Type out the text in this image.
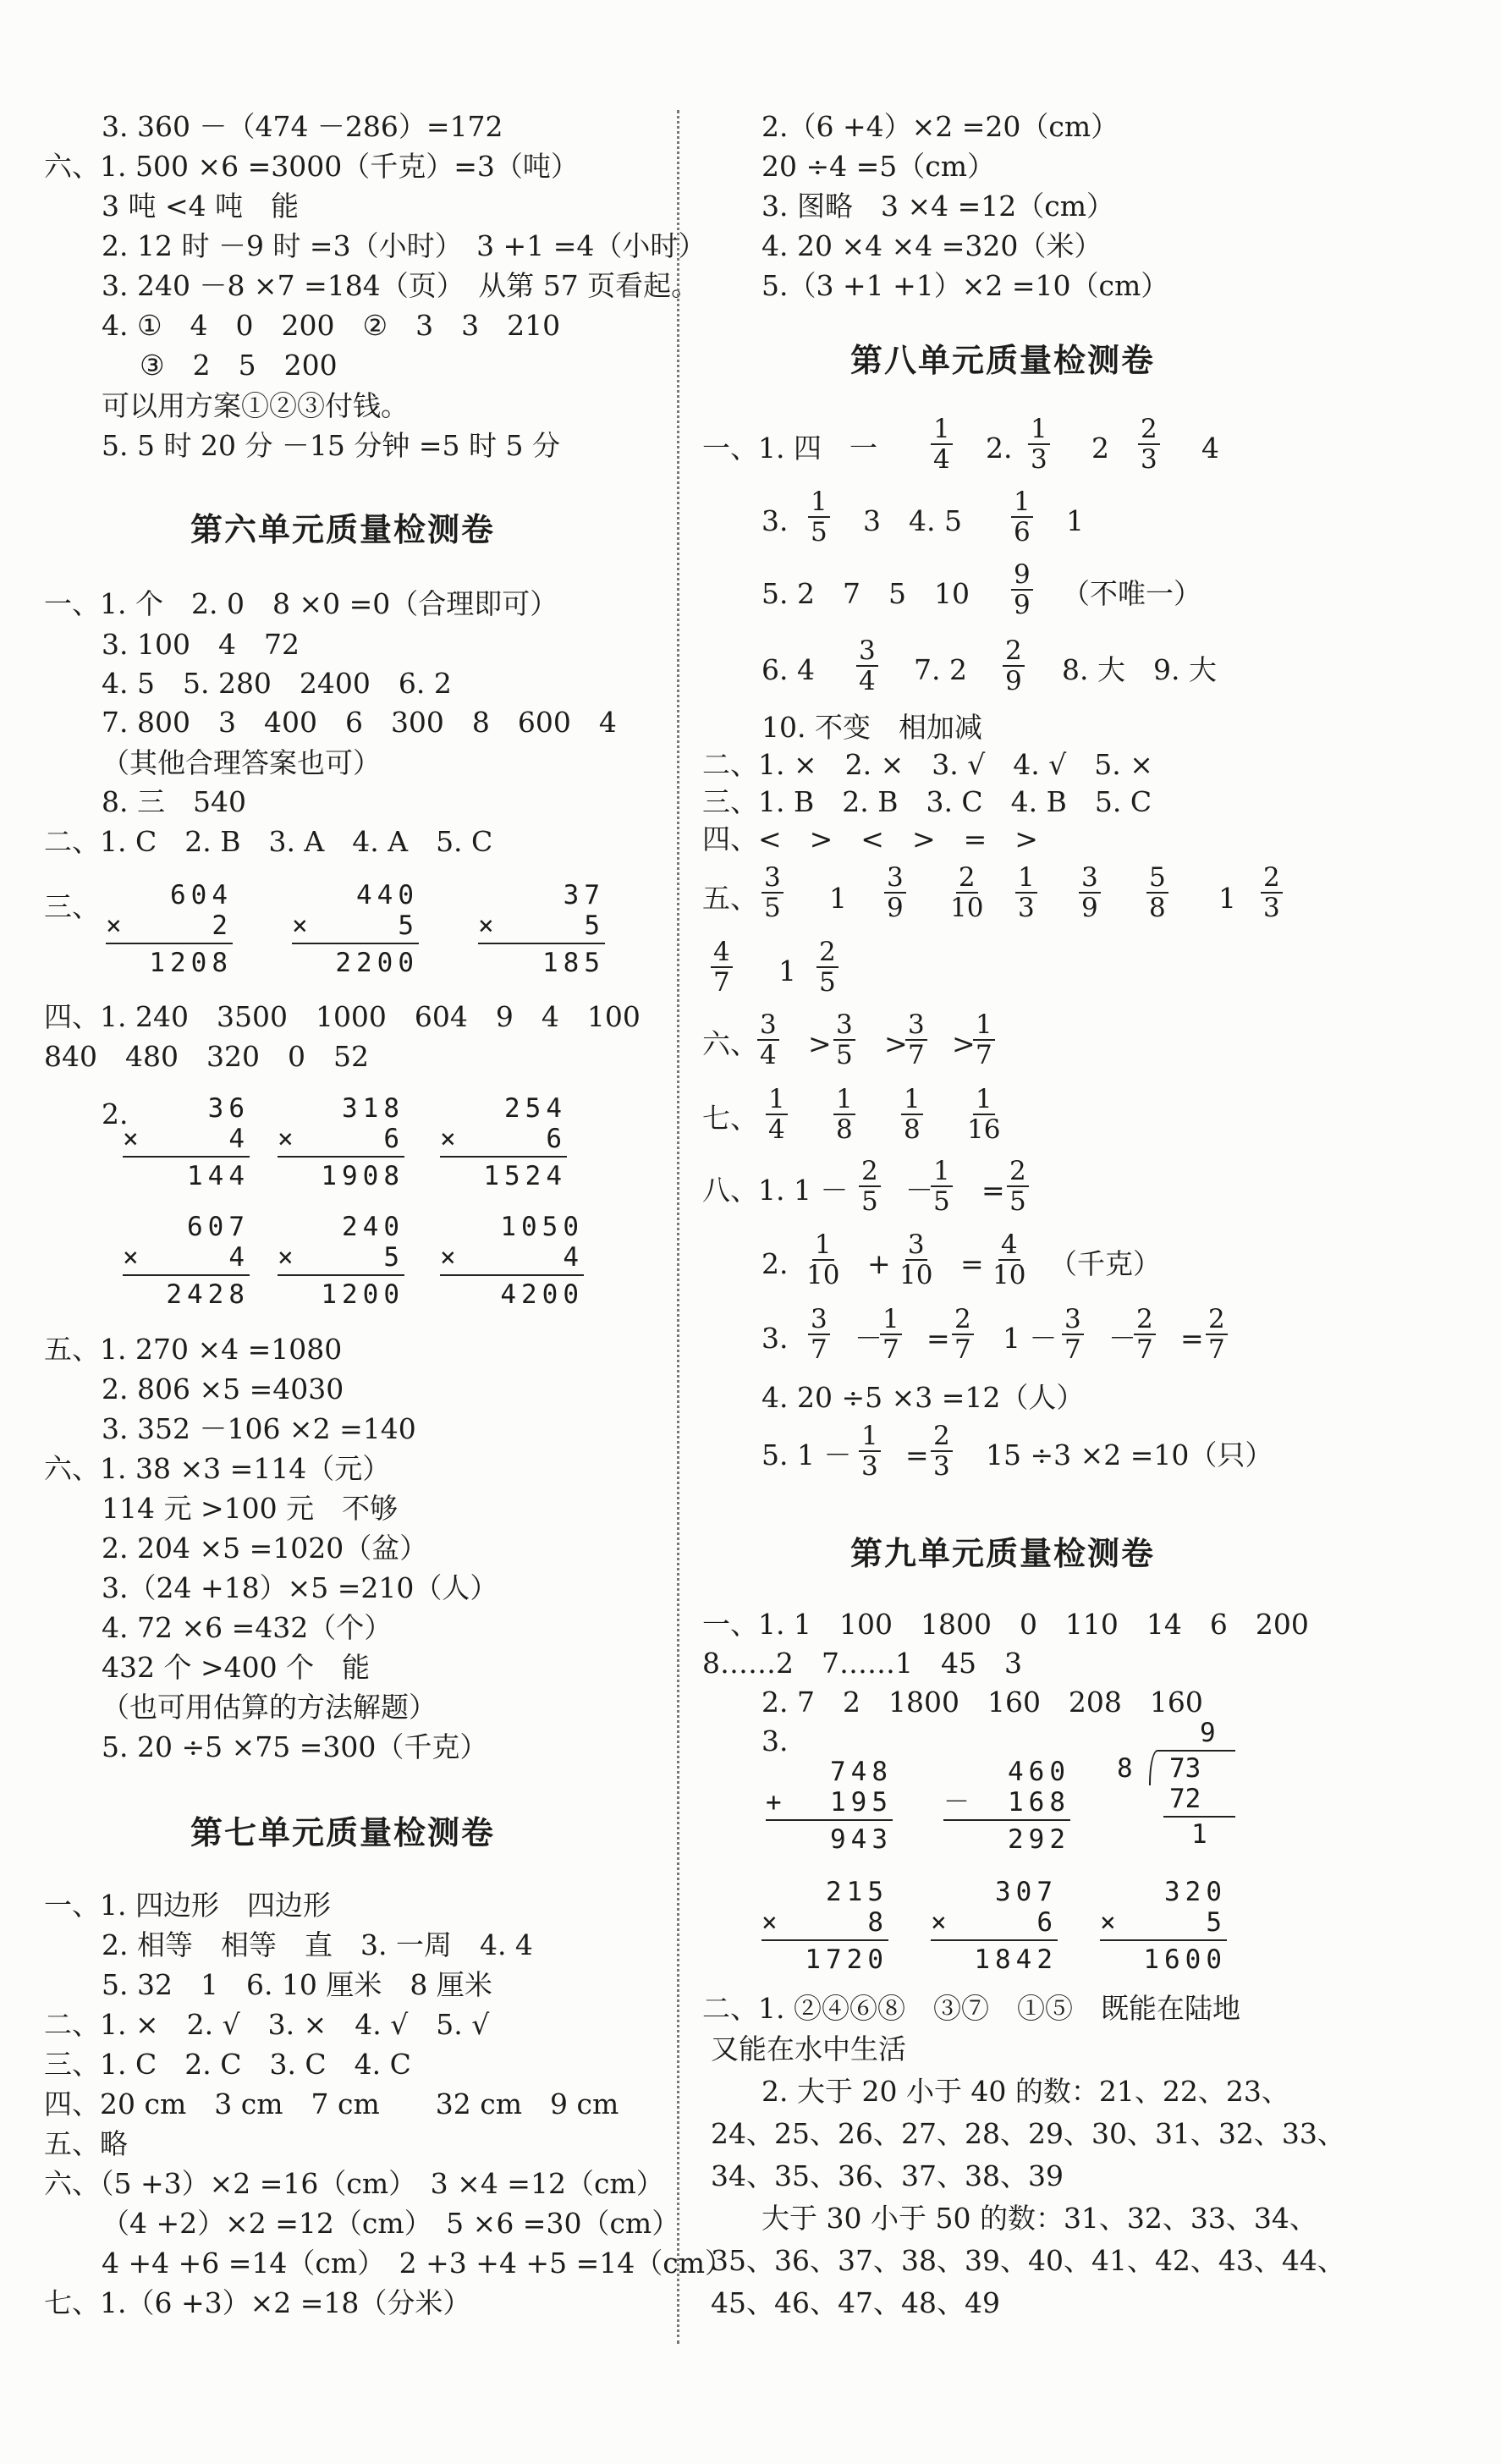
3. 360 －（474 －286）=172
六、1. 500 ×6 =3000（千克）=3（吨）
3 吨 <4 吨　能
2. 12 时 －9 时 =3（小时）　3 +1 =4（小时）
3. 240 －8 ×7 =184（页）　从第 57 页看起。
4. ①　4　0　200　②　3　3　210
③　2　5　200
可以用方案①②③付钱。
5. 5 时 20 分 －15 分钟 =5 时 5 分
第六单元质量检测卷
一、1. 个　2. 0　8 ×0 =0（合理即可）
3. 100　4　72
4. 5　5. 280　2400　6. 2
7. 800　3　400　6　300　8　600　4
（其他合理答案也可）
8. 三　540
二、1. C　2. B　3. A　4. A　5. C
三、	604
×	2
1208
440
×	5
2200
37
×	5
185
四、1. 240　3500　1000　604　9　4　100
840　480　320　0　52
2.	36
×	4
144
318
×	6
1908
254
×	6
1524
607
×	4
2428
240
×	5
1200
1050
×	4
4200
五、1. 270 ×4 =1080
2. 806 ×5 =4030
3. 352 －106 ×2 =140
六、1. 38 ×3 =114（元）
114 元 >100 元　不够
2. 204 ×5 =1020（盆）
3.（24 +18）×5 =210（人）
4. 72 ×6 =432（个）
432 个 >400 个　能
（也可用估算的方法解题）
5. 20 ÷5 ×75 =300（千克）
第七单元质量检测卷
一、1. 四边形　四边形
2. 相等　相等　直　3. 一周　4. 4
5. 32　1　6. 10 厘米　8 厘米
二、1. ×　2. √　3. ×　4. √　5. √
三、1. C　2. C　3. C　4. C
四、20 cm　3 cm　7 cm　　32 cm　9 cm
五、略
六、（5 +3）×2 =16（cm）　3 ×4 =12（cm）
（4 +2）×2 =12（cm）　5 ×6 =30（cm）
4 +4 +6 =14（cm）　2 +3 +4 +5 =14（cm）
七、1.（6 +3）×2 =18（分米）
2.（6 +4）×2 =20（cm）
20 ÷4 =5（cm）
3. 图略　3 ×4 =12（cm）
4. 20 ×4 ×4 =320（米）
5.（3 +1 +1）×2 =10（cm）
第八单元质量检测卷
一、1. 四　一 $\frac{1}{4} 2$. $\frac{1}{3} 2 \frac{2}{3} 4$
3. $\frac{1}{5} 3$　4. $5 \frac{1}{6} 1$
5. 2　7　5　$10 \frac{9}{9}$ （不唯一）
6. $4 \frac{3}{4} 7$. $2 \frac{2}{9} 8$. 大　9. 大
10. 不变　相加减
二、1. ×　2. ×　3. √　4. √　5. ×
三、1. B　2. B　3. C　4. B　5. C
四、<　>　<　>　=　>
五、 $\frac{3}{5} 1 \frac{3}{9} \frac{2}{10} \frac{1}{3} \frac{3}{9} \frac{5}{8} 1 \frac{2}{3}$
$\frac{4}{7} 1 \frac{2}{5}$
六、 $\frac{3}{4} > \frac{3}{5}$ >
$\frac{3}{7}$ >
$\frac{1}{7}$
七、 $\frac{1}{4} \frac{1}{8} \frac{1}{8} \frac{1}{16}$
八、1. $1 - \frac{2}{5}$ －
$\frac{1}{5} = \frac{2}{5}$
2. $\frac{1}{10} + \frac{3}{10} = \frac{4}{10}$ （千克）
3. $\frac{3}{7}$ －
$\frac{1}{7} = \frac{2}{7} 1 - \frac{3}{7}$ －
$\frac{2}{7} = \frac{2}{7}$
4. 20 ÷5 ×3 =12（人）
5. $1 - \frac{1}{3} = \frac{2}{3} 15 \div 3 \times 2 =10$（只）
第九单元质量检测卷
一、1. 1　100　1800　0　110　14　6　200
8……2　7……1　45　3
2. 7　2　1800　160　208　160
3.
748
+ 195
943
460
－ 168
292
9
8 73
72
1
215
×	8
1720
307
×	6
1842
320
×	5
1600
二、1. ②④⑥⑧　③⑦　①⑤　既能在陆地
又能在水中生活
2. 大于 20 小于 40 的数：21、22、23、
24、25、26、27、28、29、30、31、32、33、
34、35、36、37、38、39
大于 30 小于 50 的数：31、32、33、34、
35、36、37、38、39、40、41、42、43、44、
45、46、47、48、49
